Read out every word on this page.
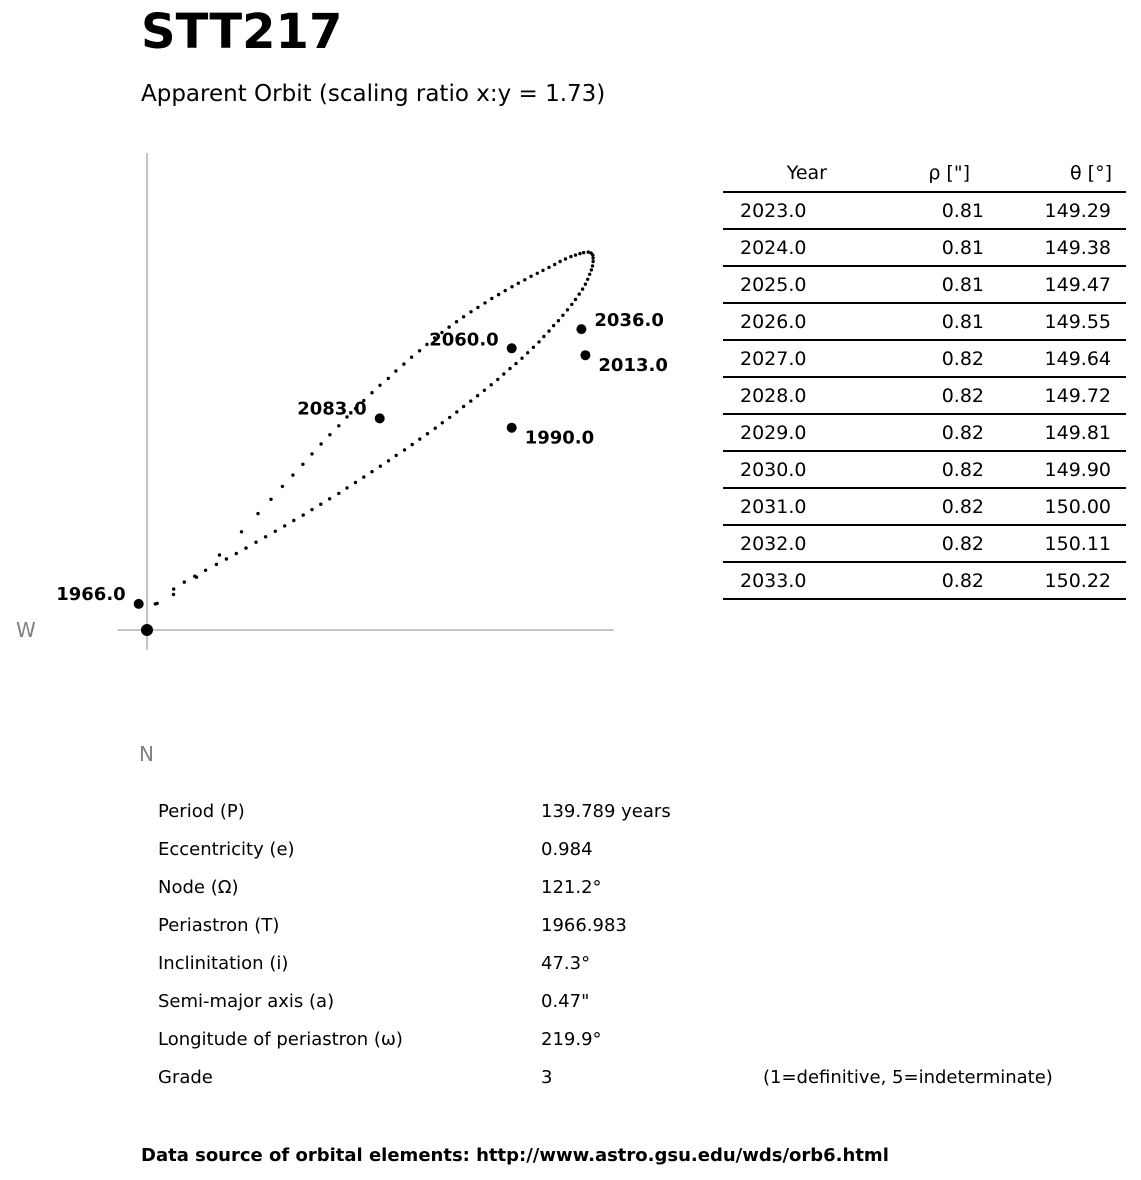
STT217
Apparent Orbit (scaling ratio x:y = 1.73)
1966.0
1990.0
2013.0
2036.0
2060.0
2083.0
W
N
Year	ρ ["]	θ [°]
2023.0	0.81	149.29
2024.0	0.81	149.38
2025.0	0.81	149.47
2026.0	0.81	149.55
2027.0	0.82	149.64
2028.0	0.82	149.72
2029.0	0.82	149.81
2030.0	0.82	149.90
2031.0	0.82	150.00
2032.0	0.82	150.11
2033.0	0.82	150.22
Period (P)	139.789 years
Eccentricity (e)	0.984
Node (Ω)	121.2°
Periastron (T)	1966.983
Inclinitation (i)	47.3°
Semi-major axis (a)	0.47"
Longitude of periastron (ω)	219.9°
Grade	3	(1=definitive, 5=indeterminate)
Data source of orbital elements: http://www.astro.gsu.edu/wds/orb6.html
